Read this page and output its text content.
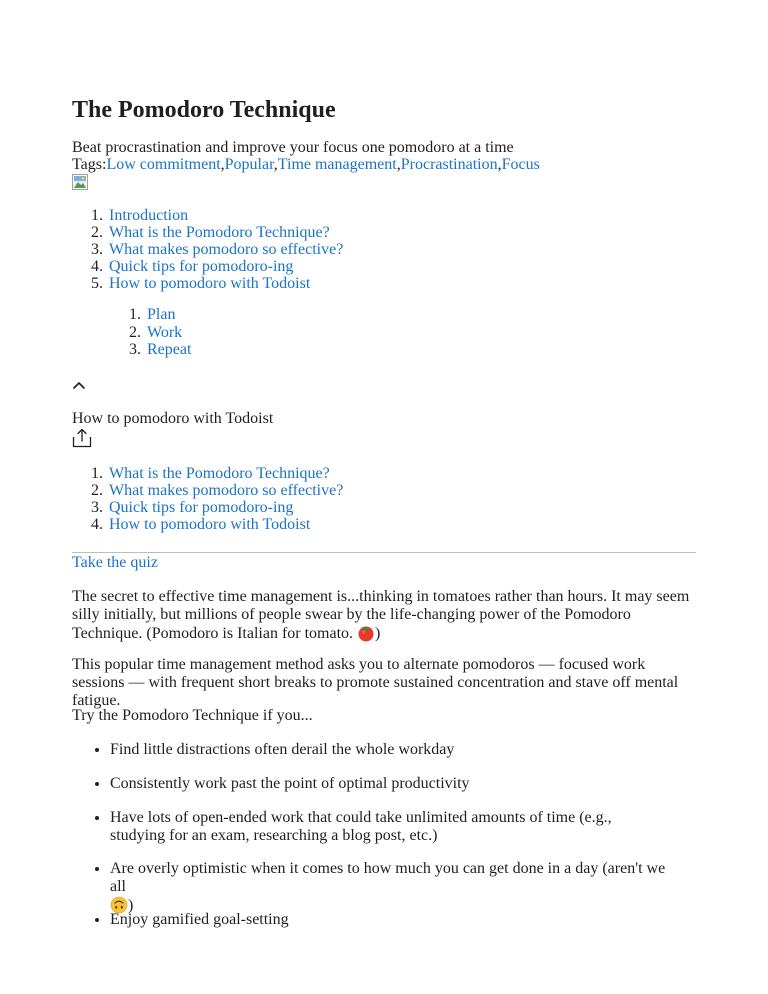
The Pomodoro Technique
Beat procrastination and improve your focus one pomodoro at a time
Tags:Low commitment,Popular,Time management,Procrastination,Focus
1. Introduction
2. What is the Pomodoro Technique?
3. What makes pomodoro so effective?
4. Quick tips for pomodoro-ing
5. How to pomodoro with Todoist
1. Plan
2. Work
3. Repeat
How to pomodoro with Todoist
1. What is the Pomodoro Technique?
2. What makes pomodoro so effective?
3. Quick tips for pomodoro-ing
4. How to pomodoro with Todoist
Take the quiz

The secret to effective time management is...thinking in tomatoes rather than hours. It may seem silly initially, but millions of people swear by the life-changing power of the Pomodoro Technique. (Pomodoro is Italian for tomato. )

This popular time management method asks you to alternate pomodoros — focused work sessions — with frequent short breaks to promote sustained concentration and stave off mental fatigue.

Try the Pomodoro Technique if you...

• Find little distractions often derail the whole workday
• Consistently work past the point of optimal productivity
• Have lots of open-ended work that could take unlimited amounts of time (e.g., studying for an exam, researching a blog post, etc.)
• Are overly optimistic when it comes to how much you can get done in a day (aren't we all
)
• Enjoy gamified goal-setting
